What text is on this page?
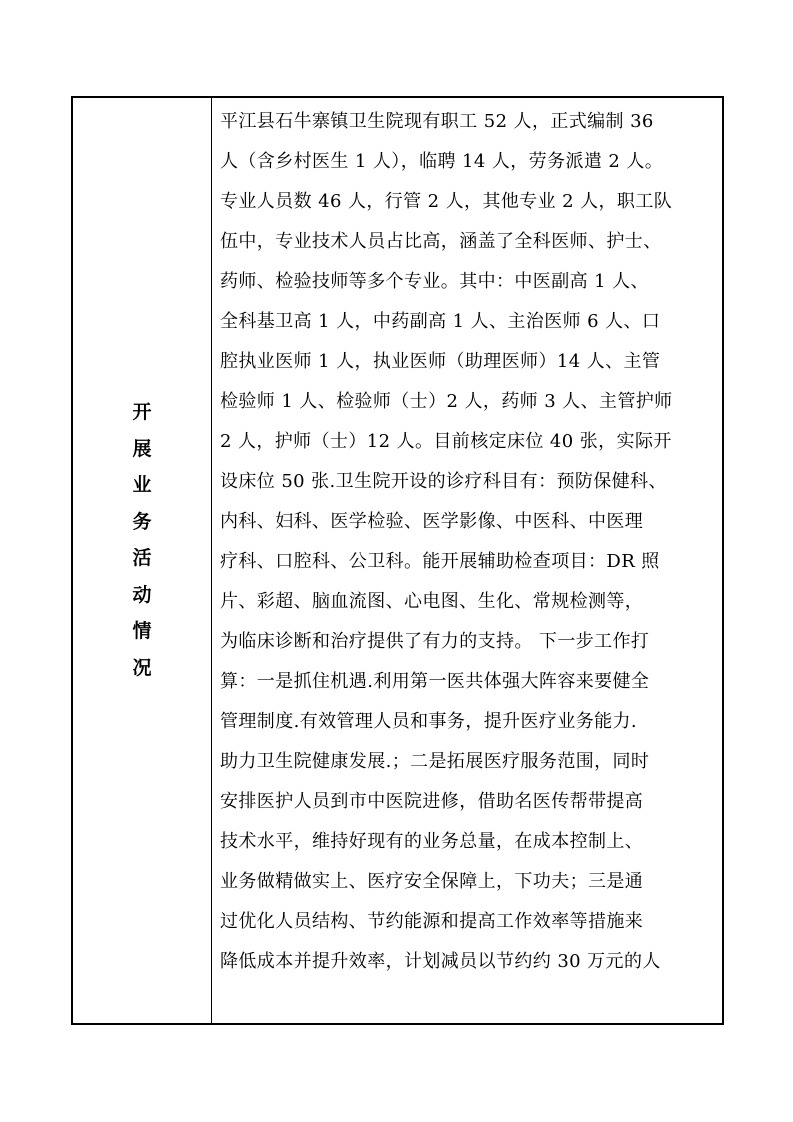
开
展
业
务
活
动
情
况
平江县石牛寨镇卫生院现有职工 52 人，正式编制 36
人（含乡村医生 1 人），临聘 14 人，劳务派遣 2 人。
专业人员数 46 人，行管 2 人，其他专业 2 人，职工队
伍中，专业技术人员占比高，涵盖了全科医师、护士、
药师、检验技师等多个专业。其中：中医副高 1 人、
全科基卫高 1 人，中药副高 1 人、主治医师 6 人、口
腔执业医师 1 人，执业医师（助理医师）14 人、主管
检验师 1 人、检验师（士）2 人，药师 3 人、主管护师
2 人，护师（士）12 人。目前核定床位 40 张，实际开
设床位 50 张.卫生院开设的诊疗科目有：预防保健科、
内科、妇科、医学检验、医学影像、中医科、中医理
疗科、口腔科、公卫科。能开展辅助检查项目：DR 照
片、彩超、脑血流图、心电图、生化、常规检测等，
为临床诊断和治疗提供了有力的支持。 下一步工作打
算：一是抓住机遇.利用第一医共体强大阵容来要健全
管理制度.有效管理人员和事务，提升医疗业务能力.
助力卫生院健康发展.；二是拓展医疗服务范围，同时
安排医护人员到市中医院进修，借助名医传帮带提高
技术水平，维持好现有的业务总量，在成本控制上、
业务做精做实上、医疗安全保障上，下功夫；三是通
过优化人员结构、节约能源和提高工作效率等措施来
降低成本并提升效率，计划减员以节约约 30 万元的人
